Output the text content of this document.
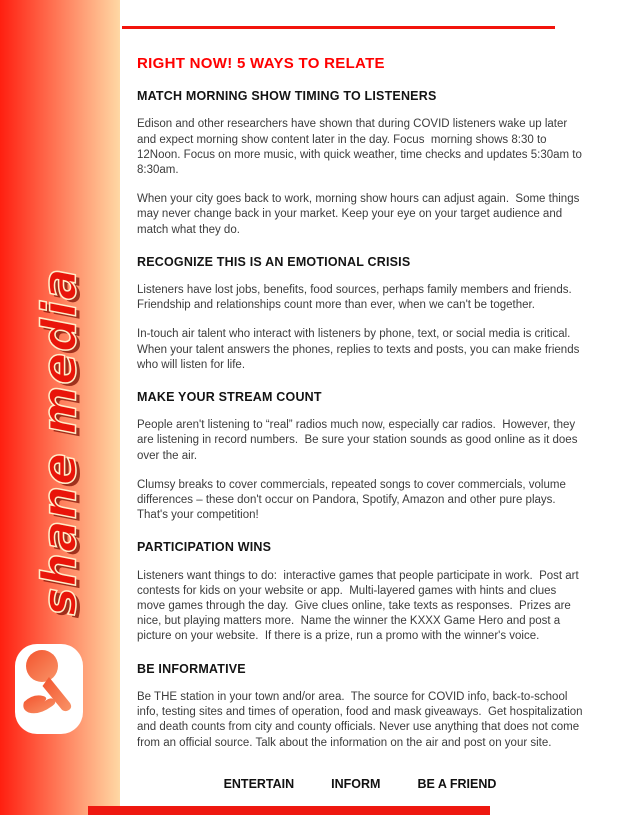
shane media
RIGHT NOW! 5 WAYS TO RELATE
MATCH MORNING SHOW TIMING TO LISTENERS

Edison and other researchers have shown that during COVID listeners wake up later and expect morning show content later in the day. Focus  morning shows 8:30 to 12Noon. Focus on more music, with quick weather, time checks and updates 5:30am to 8:30am.

When your city goes back to work, morning show hours can adjust again.  Some things may never change back in your market. Keep your eye on your target audience and match what they do.

RECOGNIZE THIS IS AN EMOTIONAL CRISIS

Listeners have lost jobs, benefits, food sources, perhaps family members and friends. Friendship and relationships count more than ever, when we can't be together.

In-touch air talent who interact with listeners by phone, text, or social media is critical. When your talent answers the phones, replies to texts and posts, you can make friends who will listen for life.

MAKE YOUR STREAM COUNT

People aren't listening to “real” radios much now, especially car radios.  However, they are listening in record numbers.  Be sure your station sounds as good online as it does over the air.

Clumsy breaks to cover commercials, repeated songs to cover commercials, volume differences – these don't occur on Pandora, Spotify, Amazon and other pure plays. That's your competition!

PARTICIPATION WINS

Listeners want things to do:  interactive games that people participate in work.  Post art contests for kids on your website or app.  Multi-layered games with hints and clues move games through the day.  Give clues online, take texts as responses.  Prizes are nice, but playing matters more.  Name the winner the KXXX Game Hero and post a picture on your website.  If there is a prize, run a promo with the winner's voice.

BE INFORMATIVE

Be THE station in your town and/or area.  The source for COVID info, back-to-school info, testing sites and times of operation, food and mask giveaways.  Get hospitalization and death counts from city and county officials. Never use anything that does not come from an official source. Talk about the information on the air and post on your site.

ENTERTAIN	INFORM	BE A FRIEND
